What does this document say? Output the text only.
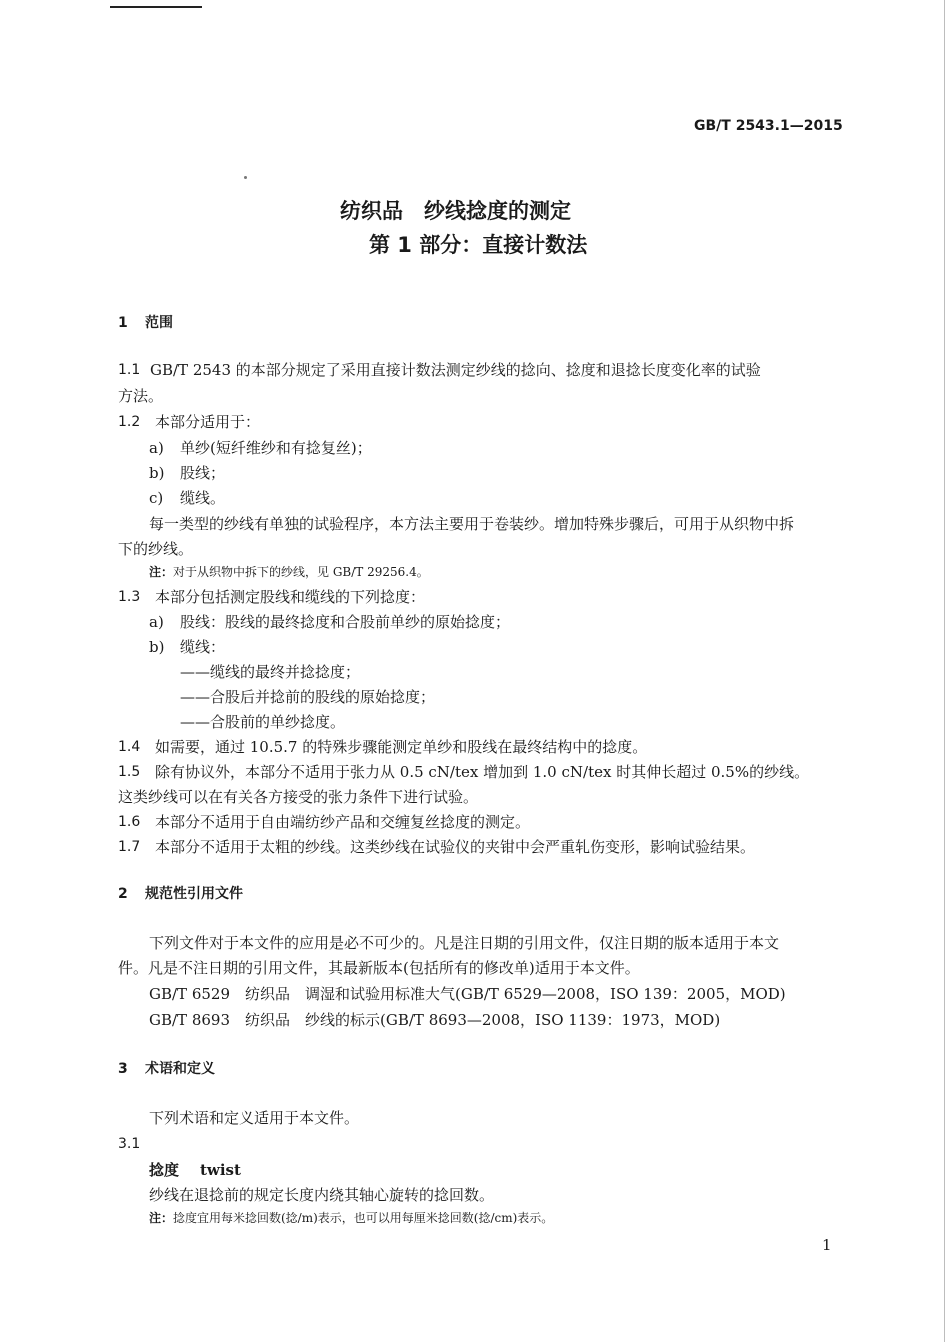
GB/T 2543.1—2015
纺织品　纱线捻度的测定
第 1 部分：直接计数法
1 范围
1.1 GB/T 2543 的本部分规定了采用直接计数法测定纱线的捻向、捻度和退捻长度变化率的试验
方法。
1.2 本部分适用于：
a) 单纱(短纤维纱和有捻复丝)；
b) 股线；
c) 缆线。
每一类型的纱线有单独的试验程序，本方法主要用于卷装纱。增加特殊步骤后，可用于从织物中拆
下的纱线。
注： 对于从织物中拆下的纱线，见 GB/T 29256.4。
1.3 本部分包括测定股线和缆线的下列捻度：
a) 股线：股线的最终捻度和合股前单纱的原始捻度；
b) 缆线：
——缆线的最终并捻捻度；
——合股后并捻前的股线的原始捻度；
——合股前的单纱捻度。
1.4 如需要，通过 10.5.7 的特殊步骤能测定单纱和股线在最终结构中的捻度。
1.5 除有协议外，本部分不适用于张力从 0.5 cN/tex 增加到 1.0 cN/tex 时其伸长超过 0.5%的纱线。
这类纱线可以在有关各方接受的张力条件下进行试验。
1.6 本部分不适用于自由端纺纱产品和交缠复丝捻度的测定。
1.7 本部分不适用于太粗的纱线。这类纱线在试验仪的夹钳中会严重轧伤变形，影响试验结果。
2 规范性引用文件
下列文件对于本文件的应用是必不可少的。凡是注日期的引用文件，仅注日期的版本适用于本文
件。凡是不注日期的引用文件，其最新版本(包括所有的修改单)适用于本文件。
GB/T 6529　纺织品　调湿和试验用标准大气(GB/T 6529—2008，ISO 139：2005，MOD)
GB/T 8693　纺织品　纱线的标示(GB/T 8693—2008，ISO 1139：1973，MOD)
3 术语和定义
下列术语和定义适用于本文件。
3.1
捻度 twist
纱线在退捻前的规定长度内绕其轴心旋转的捻回数。
注： 捻度宜用每米捻回数(捻/m)表示，也可以用每厘米捻回数(捻/cm)表示。
1
